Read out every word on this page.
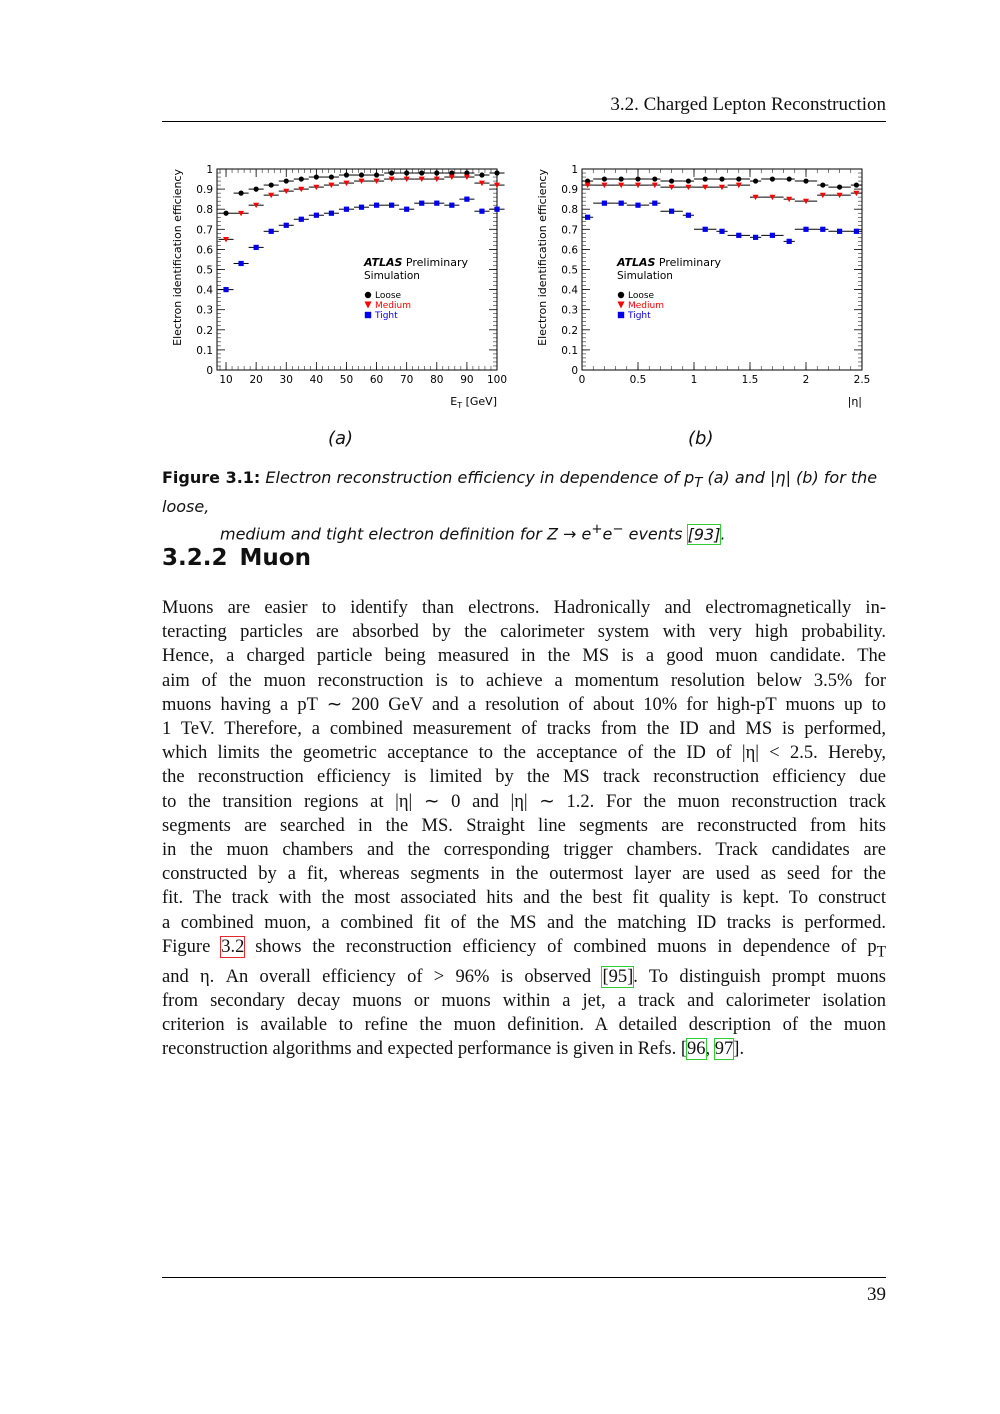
3.2. Charged Lepton Reconstruction
0
0.1
0.2
0.3
0.4
0.5
0.6
0.7
0.8
0.9
1
10 20 30 40 50 60 70 80 90 100
Electron identification efficiency
$E_T$ [GeV]
ATLAS Preliminary
Simulation
Loose
Medium
Tight
0
0.1
0.2
0.3
0.4
0.5
0.6
0.7
0.8
0.9
1
0	0.5	1	1.5	2	2.5
Electron identification efficiency
|η|
ATLAS Preliminary
Simulation
Loose
Medium
Tight
(a)	(b)
Figure 3.1: Electron reconstruction efficiency in dependence of $p_T$ (a) and |η| (b) for the loose,
medium and tight electron definition for Z → e+e− events [93].
3.2.2 Muon
Muons are easier to identify than electrons. Hadronically and electromagnetically in-
teracting particles are absorbed by the calorimeter system with very high probability.
Hence, a charged particle being measured in the MS is a good muon candidate. The
aim of the muon reconstruction is to achieve a momentum resolution below 3.5% for
muons having a pT ∼ 200 GeV and a resolution of about 10% for high-pT muons up to
1 TeV. Therefore, a combined measurement of tracks from the ID and MS is performed,
which limits the geometric acceptance to the acceptance of the ID of |η| < 2.5. Hereby,
the reconstruction efficiency is limited by the MS track reconstruction efficiency due
to the transition regions at |η| ∼ 0 and |η| ∼ 1.2. For the muon reconstruction track
segments are searched in the MS. Straight line segments are reconstructed from hits
in the muon chambers and the corresponding trigger chambers. Track candidates are
constructed by a fit, whereas segments in the outermost layer are used as seed for the
fit. The track with the most associated hits and the best fit quality is kept. To construct
a combined muon, a combined fit of the MS and the matching ID tracks is performed.
Figure 3.2 shows the reconstruction efficiency of combined muons in dependence of $p_T$
and η. An overall efficiency of > 96% is observed [95]. To distinguish prompt muons
from secondary decay muons or muons within a jet, a track and calorimeter isolation
criterion is available to refine the muon definition. A detailed description of the muon
reconstruction algorithms and expected performance is given in Refs. [96, 97].
39
